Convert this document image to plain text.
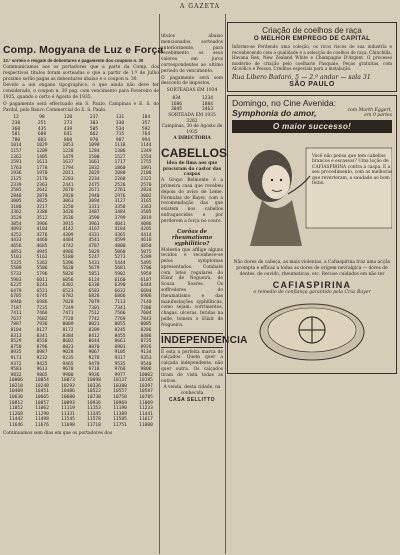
A GAZETA
Comp. Mogyana de Luz e Força
13.ª sorteio e resgate de debentures e pagamento dos coupons n. 30

Communicamos aos os portadores que a parte da Comp. dos respectivos titulos foram sorteadas e que a partir de 1.º de Julho proximo serão pagas as debentures abaixo e o coupon n. 30.

Devido a um engano tipographico, o que ainda não deve ter considerado, o coupon n. 30 pag. com vencimento para Fevereiro de 1935, quando o certo é Agosto de 1935.

O pagamento será effectuado em S. Paulo, Campinas e E. S. do Pardal, pelo Banco Commercial do E. S. Paulo.

12	98	120	237	131	184
230	251	273	303	330	357
360	435	439	505	534	592
581	608	641	662	715	764
780	803	860	970	987	994
1014	1029	1053	1098	1118	1144
1157	1209	1228	1284	1306	1349
1362	1405	1479	1500	1527	1554
1591	1613	1637	1661	1717	1755
1763	1778	1794	1832	1860	1891
1936	1970	2011	2029	2080	2108
2125	2170	2203	2234	2268	2322
2339	2363	2441	2475	2526	2570
2585	2642	2670	2671	2761	2834
2840	2878	2920	2940	2976	3002
3005	3025	3063	3094	3127	3165
3180	3217	3250	3311	3358	3363
3362	3388	3426	3487	3484	3505
3529	3512	3536	3590	3799	3819
3854	3906	3915	3963	4041	4086
4093	4104	4142	4167	4184	4205
4252	4276	4309	4331	4365	4414
4433	4460	4484	4541	4599	4618
4656	4685	4742	4787	4800	4850
4853	4945	4986	5029	5060	5075
5101	5162	5180	5247	5273	5289
5325	5362	5396	5431	5444	5495
5509	5586	5620	5679	5681	5706
5733	5796	5826	5851	5902	5959
5983	6011	6056	6124	6160	6187
6225	6243	6302	6338	6390	6444
6479	6521	6523	6583	6632	6694
6705	6745	6782	6828	6866	6906
6940	6986	7028	7079	7113	7140
7187	7235	7249	7301	7341	7386
7411	7466	7471	7512	7566	7604
7637	7682	7728	7742	7769	7843
7887	7936	8009	8021	8055	8085
8104	8127	8172	8209	8245	8286
8313	8341	8384	8412	8455	8486
8529	8558	8602	8644	8661	8735
8758	8796	8823	8870	8901	8926
8935	8987	9028	9067	9105	9134
9173	9232	9235	9278	9317	9353
9372	9425	9465	9479	9535	9540
9583	9613	9678	9718	9768	9806
9832	9865	9900	9936	9977	10002
10006	10054	10073	10098	10137	10185
10218	10248	10292	10336	10380	10397
10409	10451	10486	10522	10557	10587
10630	10665	10680	10730	10758	10785
10812	10857	10893	10936	10969	11009
11052	11062	11119	11153	11190	11233
11268	11290	11331	11345	11389	11441
11442	11498	11545	11578	11585	11617
11646	11676	11698	11718	11751	11800
Continuamos sem dias em que os portadores dos

titulos abaixo mencionados, sorteados anteriormente, para recebimento os seus valores em juros correspondentes ao ultimo periodo de vencimento.

O pagamento será sem desconto de impostos.

SORTEADAS EM 1934
834	1234
1686	1884
3045	3463
SORTEADA EM 1935
3262
Campinas, 30 de Agosto de 1935
A DIRECTORIA
CABELLOS
idea de lima aos que procuram do castor das caspas

A Grupo Belmonte é a primeira casa que recebeu depois do aviso de Leme. Fórmulas de Bayer, com a recomendação das que existem nos cabellos enfraquecidos e por perderem a força no couro.

Corôas de rheumatismo syphilitico?

Molestia que afflige alguns tecidos e reconhece-se pelos symptomas apresentados. Combate com lotes regulares do Elixir de Nogueira, de Souza Soares. Os soffredores do rheumatismo e das manifestações syphiliticas, como sejam: corrimentos, chagas, ulceras, feridas na pelle, tomem o Elixir de Nogueira.

INDEPENDENCIA

É esta a perfeita marca de calçados. Quem quer a calçada independente, não quer outra. Os calçados tiram de vista todas as outras.

A venda, desta cidade, na conhecida
CASA SELLITTO
Criação de coelhos de raça
O MELHOR EMPREGO DE CAPITAL
Informe-se Perdendo uma coleção, os ricos riscos de sua industria e reconhecendo com a qualidade e a selecção de coelhos de raça; Chinchilla, Havana Rex, New Zealand White e Champagne D'Argent. O processo moderno de criação pelo coelhario Pasquale. Peças gratuitas, com Alcoólico e Pessoa. Creditos especiais para a instalação.
Rua Libero Badaró, 5 — 2.º andar — sala 31
SÃO PAULO
Domingo, no Cine Avenida:
Symphonia do amor,	com Marth Eggert, em 9 partes
O maior successo!
Você não pensa que tem cabellos brancos e escassos? Uma loção de CAFIASPIRINA contra a caspa. E a seu procedimento, com as melhoras que reverteram, a saudade ao bom feitio.
Não dores de cabeça, as mais violentas, a Cafiaspirina traz uma acção prompta e efficaz a todas as dores de origem nevralgica — dores de dentes, de ouvido, rheumaticas, etc. Recuse cuidados em não ter
CAFIASPIRINA
o remedio de confiança garantido pela Cruz Bayer
